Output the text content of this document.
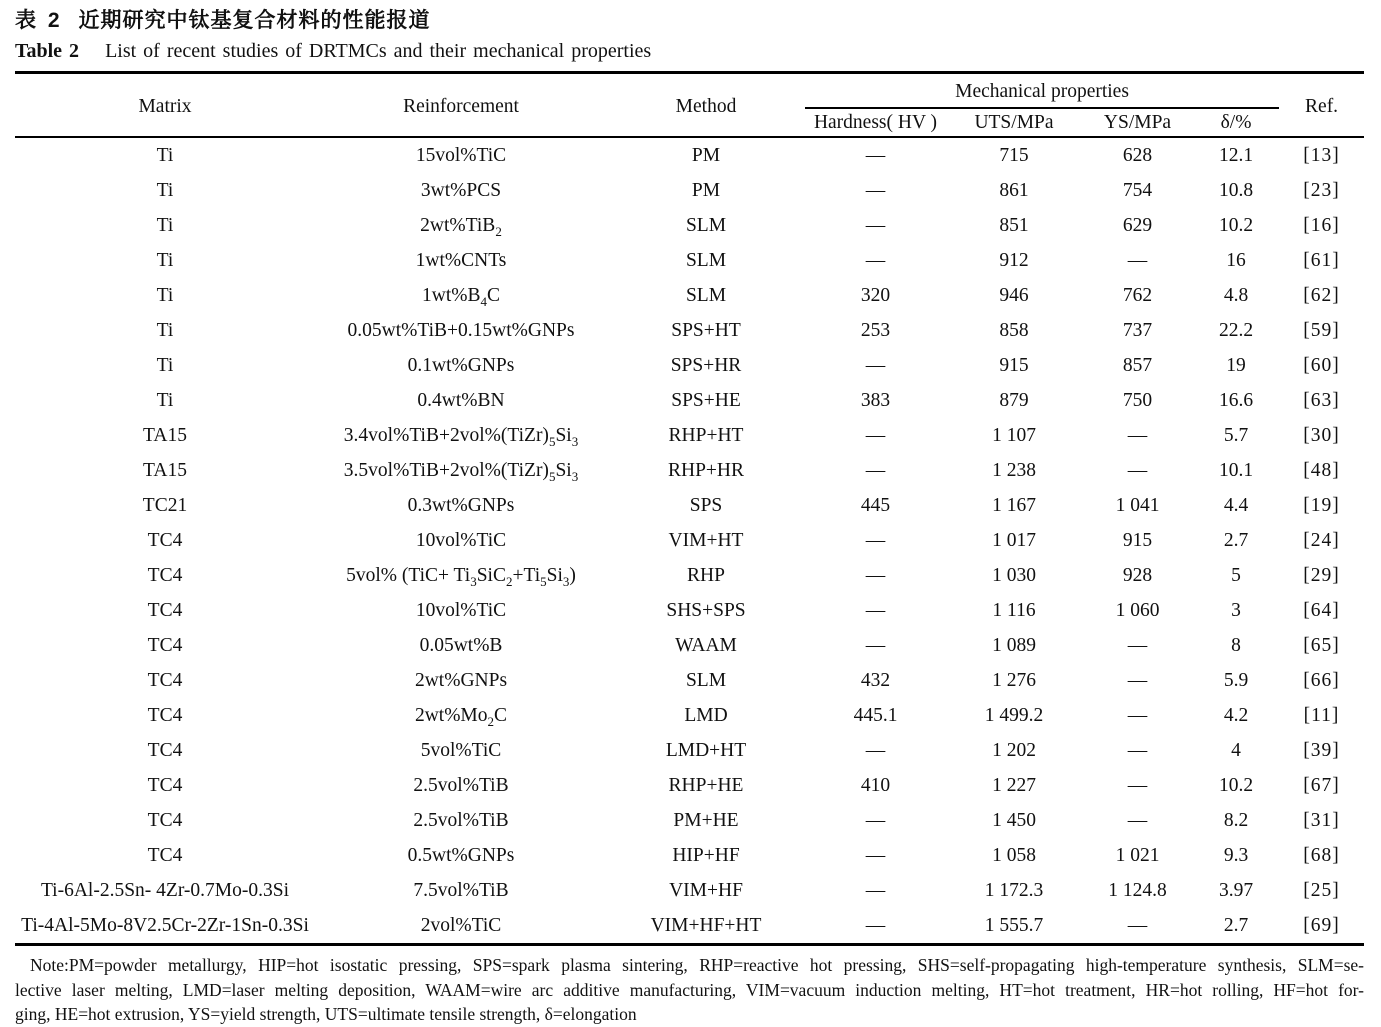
表 2 近期研究中钛基复合材料的性能报道
Table 2 List of recent studies of DRTMCs and their mechanical properties
Matrix	Reinforcement	Method	Mechanical properties				Ref.
			Hardness( HV )	UTS/MPa	YS/MPa	δ/%	
Ti	15vol%TiC	PM	—	715	628	12.1	[13]
Ti	3wt%PCS	PM	—	861	754	10.8	[23]
Ti	2wt%TiB$_2$	SLM	—	851	629	10.2	[16]
Ti	1wt%CNTs	SLM	—	912	—	16	[61]
Ti	$1wt\%B_4C$	SLM	320	946	762	4.8	[62]
Ti	0.05wt%TiB+0.15wt%GNPs	SPS+HT	253	858	737	22.2	[59]
Ti	0.1wt%GNPs	SPS+HR	—	915	857	19	[60]
Ti	0.4wt%BN	SPS+HE	383	879	750	16.6	[63]
TA15	$3.4vol\%TiB+2vol\%(TiZr)_5Si_3$	RHP+HT	—	1 107	—	5.7	[30]
TA15	$3.5vol\%TiB+2vol\%(TiZr)_5Si_3$	RHP+HR	—	1 238	—	10.1	[48]
TC21	0.3wt%GNPs	SPS	445	1 167	1 041	4.4	[19]
TC4	10vol%TiC	VIM+HT	—	1 017	915	2.7	[24]
TC4	5vol% $(TiC+ Ti_3SiC_2+Ti_5Si_3)$	RHP	—	1 030	928	5	[29]
TC4	10vol%TiC	SHS+SPS	—	1 116	1 060	3	[64]
TC4	0.05wt%B	WAAM	—	1 089	—	8	[65]
TC4	2wt%GNPs	SLM	432	1 276	—	5.9	[66]
TC4	$2wt\%Mo_2C$	LMD	445.1	1 499.2	—	4.2	[11]
TC4	5vol%TiC	LMD+HT	—	1 202	—	4	[39]
TC4	2.5vol%TiB	RHP+HE	410	1 227	—	10.2	[67]
TC4	2.5vol%TiB	PM+HE	—	1 450	—	8.2	[31]
TC4	0.5wt%GNPs	HIP+HF	—	1 058	1 021	9.3	[68]
Ti-6Al-2.5Sn- 4Zr-0.7Mo-0.3Si	7.5vol%TiB	VIM+HF	—	1 172.3	1 124.8	3.97	[25]
Ti-4Al-5Mo-8V2.5Cr-2Zr-1Sn-0.3Si	2vol%TiC	VIM+HF+HT	—	1 555.7	—	2.7	[69]
Note:PM=powder metallurgy, HIP=hot isostatic pressing, SPS=spark plasma sintering, RHP=reactive hot pressing, SHS=self-propagating high-temperature synthesis, SLM=se-
lective laser melting, LMD=laser melting deposition, WAAM=wire arc additive manufacturing, VIM=vacuum induction melting, HT=hot treatment, HR=hot rolling, HF=hot for-
ging, HE=hot extrusion, YS=yield strength, UTS=ultimate tensile strength, δ=elongation
